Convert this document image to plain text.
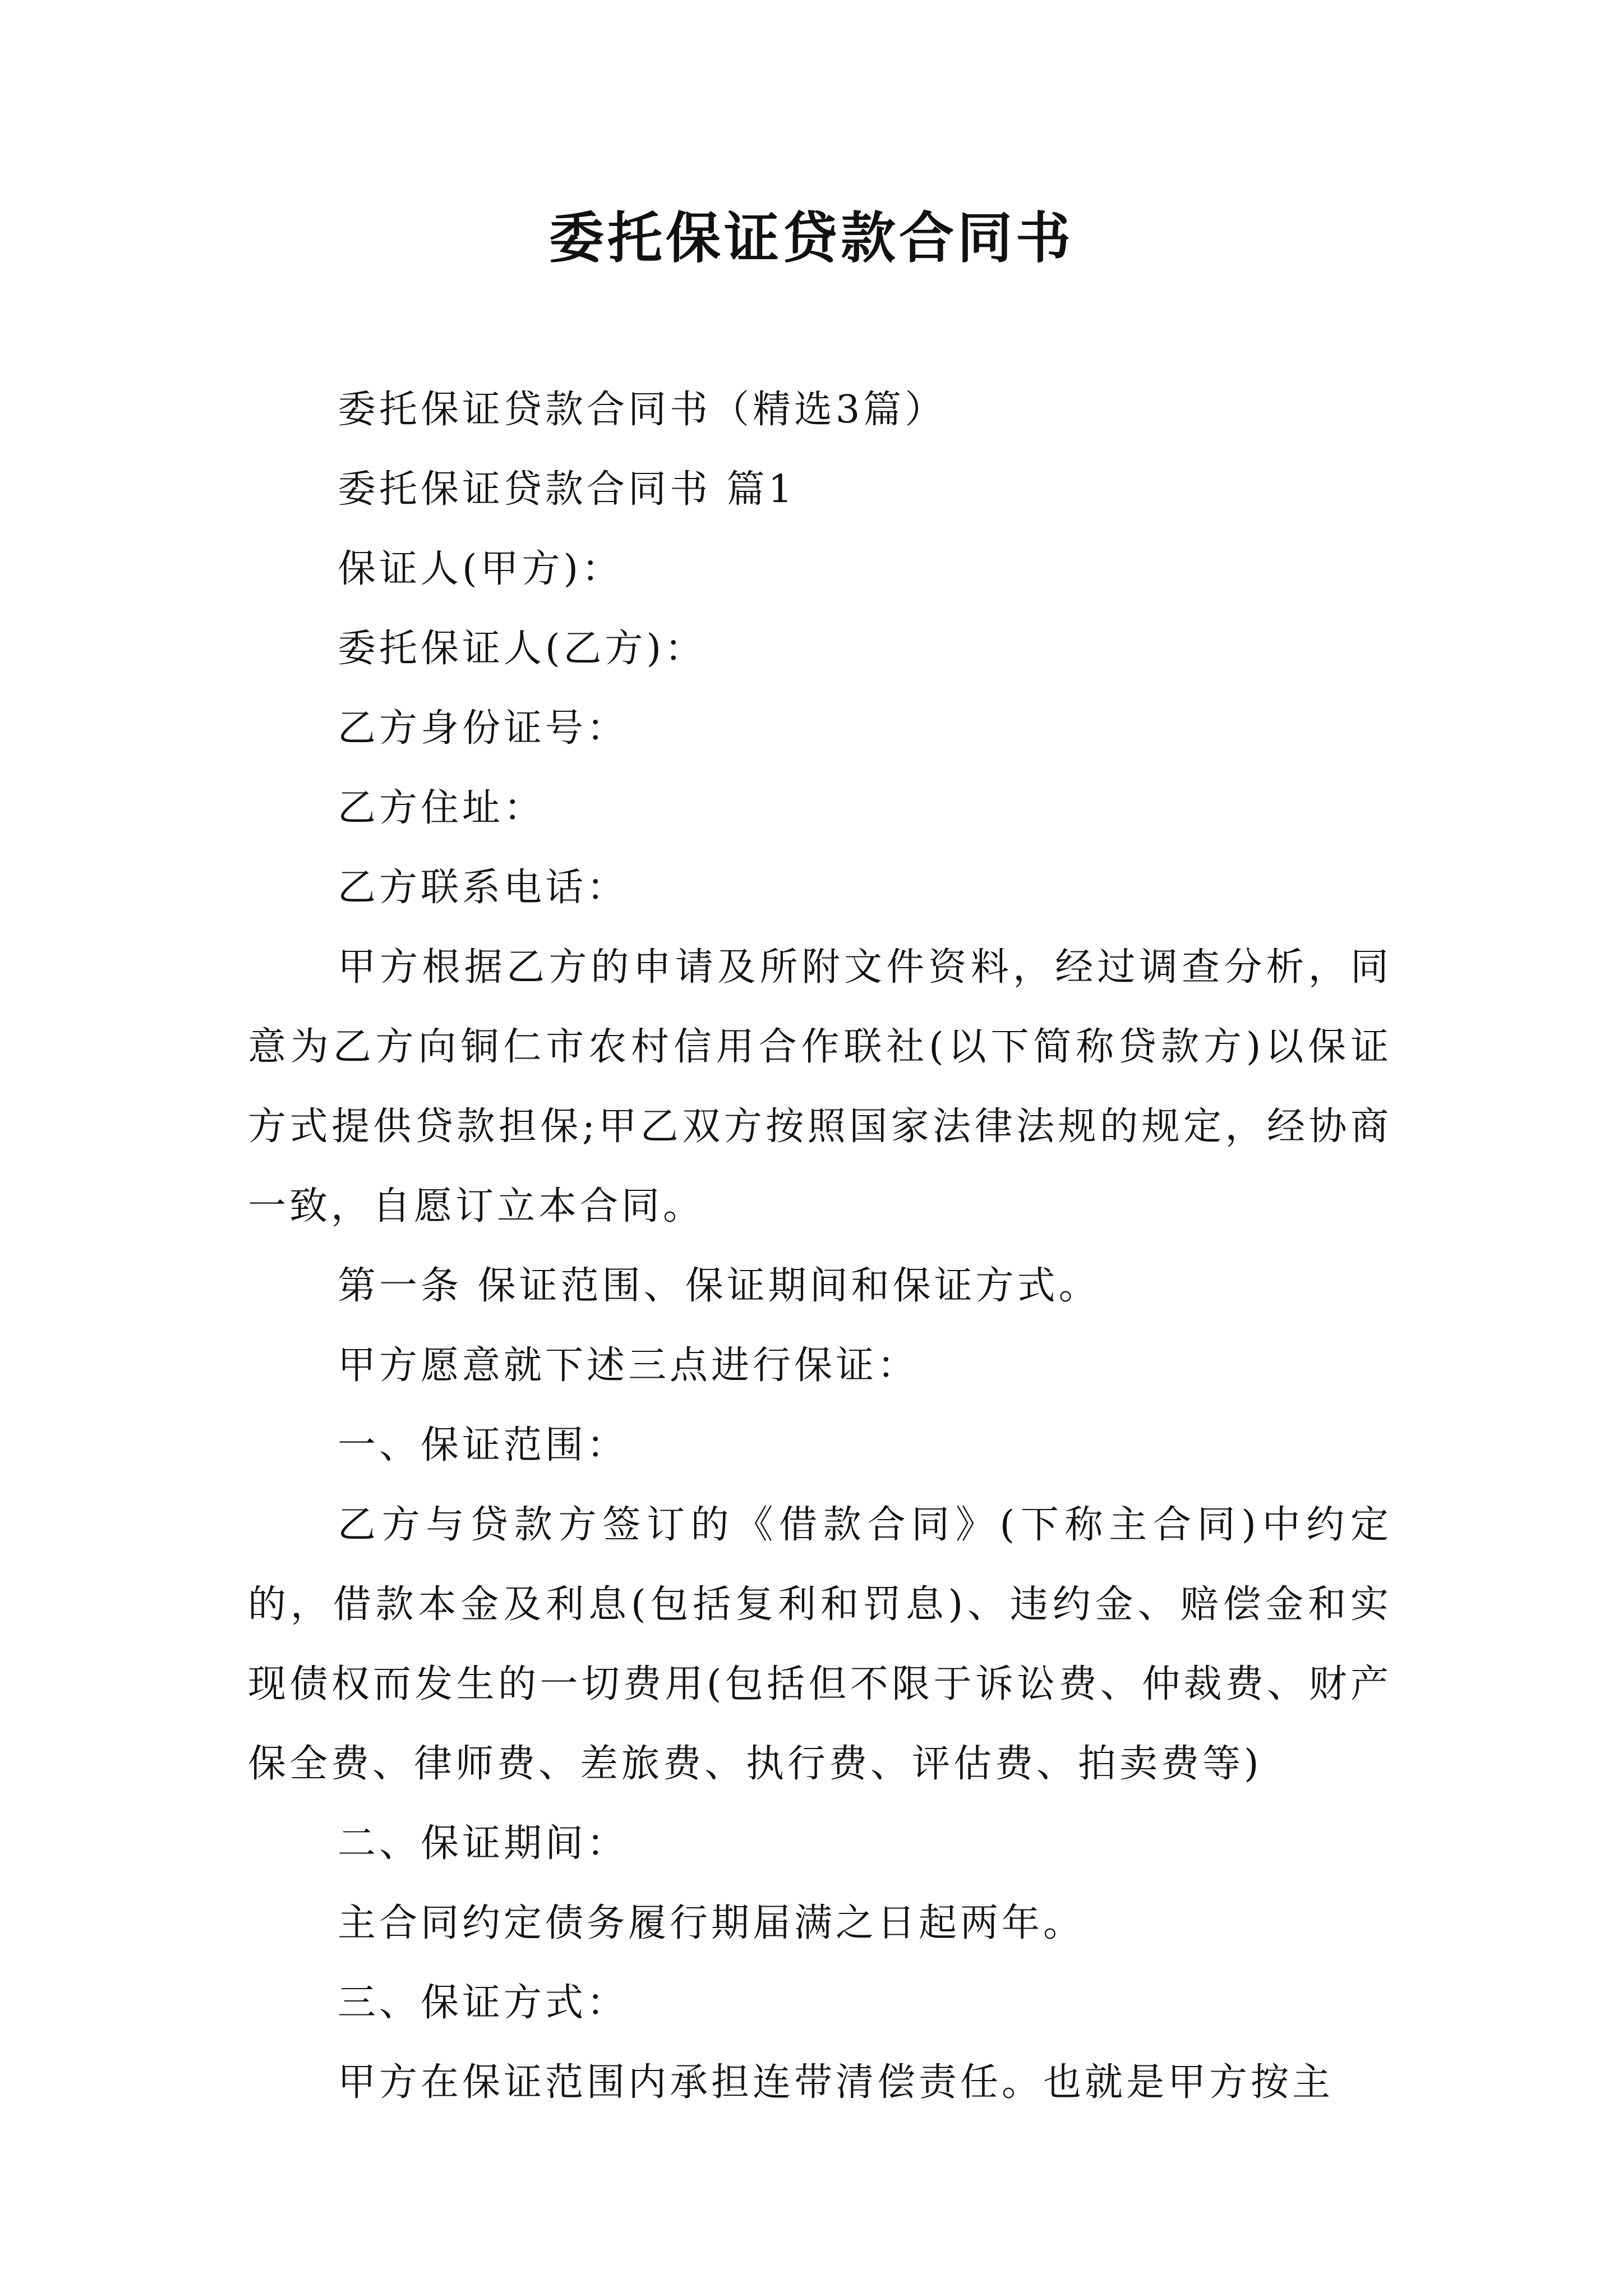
委托保证贷款合同书

委托保证贷款合同书（精选3篇）

委托保证贷款合同书 篇1

保证人(甲方)：

委托保证人(乙方)：

乙方身份证号：

乙方住址：

乙方联系电话：

甲方根据乙方的申请及所附文件资料，经过调查分析，同意为乙方向铜仁市农村信用合作联社(以下简称贷款方)以保证方式提供贷款担保;甲乙双方按照国家法律法规的规定，经协商一致，自愿订立本合同。

第一条 保证范围、保证期间和保证方式。

甲方愿意就下述三点进行保证：

一、保证范围：

乙方与贷款方签订的《借款合同》(下称主合同)中约定的，借款本金及利息(包括复利和罚息)、违约金、赔偿金和实现债权而发生的一切费用(包括但不限于诉讼费、仲裁费、财产保全费、律师费、差旅费、执行费、评估费、拍卖费等)

二、保证期间：

主合同约定债务履行期届满之日起两年。

三、保证方式：

甲方在保证范围内承担连带清偿责任。也就是甲方按主
